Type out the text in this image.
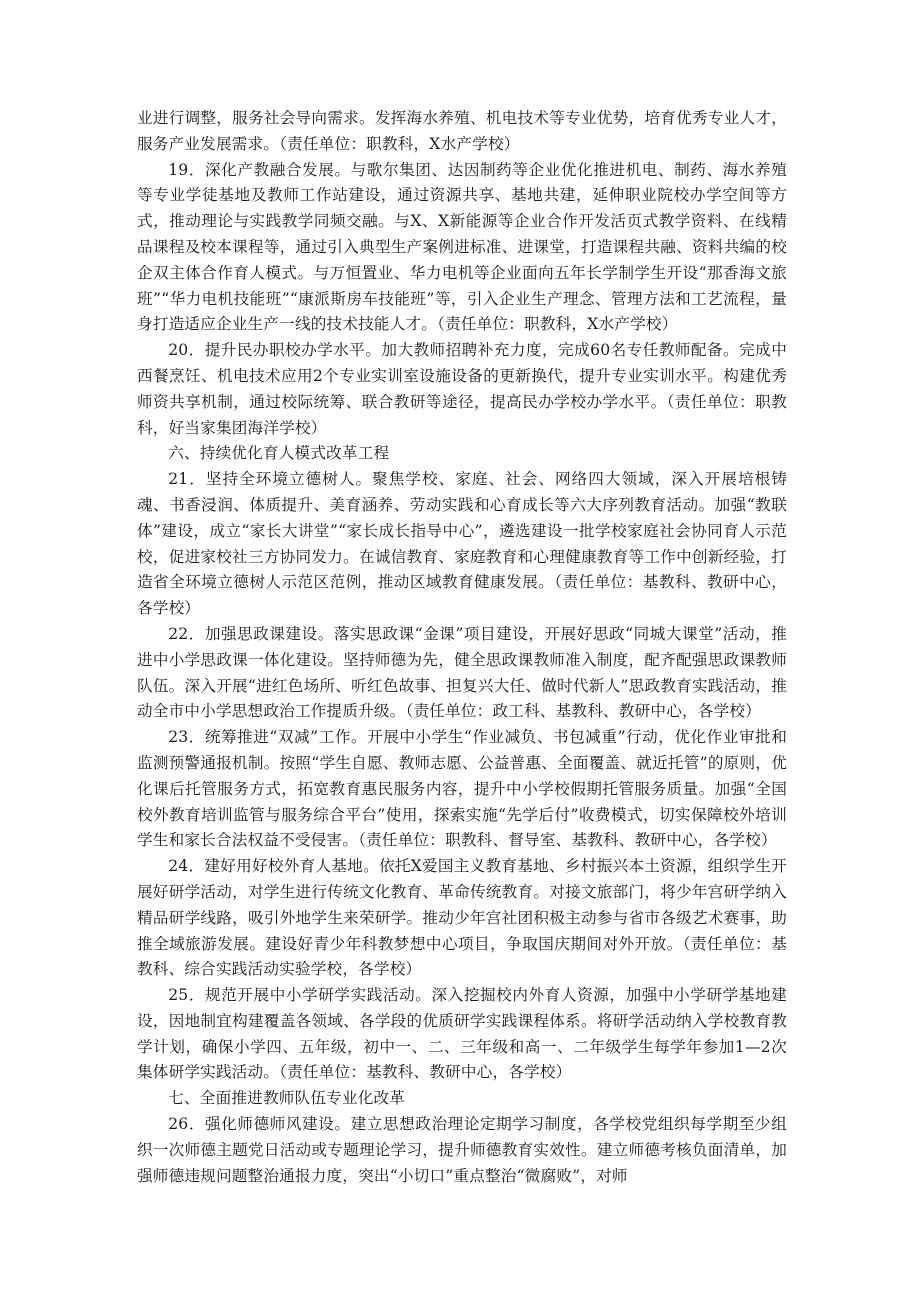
业进行调整，服务社会导向需求。发挥海水养殖、机电技术等专业优势，培育优秀专业人才，服务产业发展需求。（责任单位：职教科，X水产学校）

19．深化产教融合发展。与歌尔集团、达因制药等企业优化推进机电、制药、海水养殖等专业学徒基地及教师工作站建设，通过资源共享、基地共建，延伸职业院校办学空间等方式，推动理论与实践教学同频交融。与X、X新能源等企业合作开发活页式教学资料、在线精品课程及校本课程等，通过引入典型生产案例进标准、进课堂，打造课程共融、资料共编的校企双主体合作育人模式。与万恒置业、华力电机等企业面向五年长学制学生开设“那香海文旅班”“华力电机技能班”“康派斯房车技能班”等，引入企业生产理念、管理方法和工艺流程，量身打造适应企业生产一线的技术技能人才。（责任单位：职教科，X水产学校）

20．提升民办职校办学水平。加大教师招聘补充力度，完成60名专任教师配备。完成中西餐烹饪、机电技术应用2个专业实训室设施设备的更新换代，提升专业实训水平。构建优秀师资共享机制，通过校际统筹、联合教研等途径，提高民办学校办学水平。（责任单位：职教科，好当家集团海洋学校）

六、持续优化育人模式改革工程

21．坚持全环境立德树人。聚焦学校、家庭、社会、网络四大领域，深入开展培根铸魂、书香浸润、体质提升、美育涵养、劳动实践和心育成长等六大序列教育活动。加强“教联体”建设，成立“家长大讲堂”“家长成长指导中心”，遴选建设一批学校家庭社会协同育人示范校，促进家校社三方协同发力。在诚信教育、家庭教育和心理健康教育等工作中创新经验，打造省全环境立德树人示范区范例，推动区域教育健康发展。（责任单位：基教科、教研中心，各学校）

22．加强思政课建设。落实思政课“金课”项目建设，开展好思政“同城大课堂”活动，推进中小学思政课一体化建设。坚持师德为先，健全思政课教师准入制度，配齐配强思政课教师队伍。深入开展“进红色场所、听红色故事、担复兴大任、做时代新人”思政教育实践活动，推动全市中小学思想政治工作提质升级。（责任单位：政工科、基教科、教研中心，各学校）

23．统筹推进“双减”工作。开展中小学生“作业减负、书包减重”行动，优化作业审批和监测预警通报机制。按照“学生自愿、教师志愿、公益普惠、全面覆盖、就近托管”的原则，优化课后托管服务方式，拓宽教育惠民服务内容，提升中小学校假期托管服务质量。加强“全国校外教育培训监管与服务综合平台”使用，探索实施“先学后付”收费模式，切实保障校外培训学生和家长合法权益不受侵害。（责任单位：职教科、督导室、基教科、教研中心，各学校）

24．建好用好校外育人基地。依托X爱国主义教育基地、乡村振兴本土资源，组织学生开展好研学活动，对学生进行传统文化教育、革命传统教育。对接文旅部门，将少年宫研学纳入精品研学线路，吸引外地学生来荣研学。推动少年宫社团积极主动参与省市各级艺术赛事，助推全域旅游发展。建设好青少年科教梦想中心项目，争取国庆期间对外开放。（责任单位：基教科、综合实践活动实验学校，各学校）

25．规范开展中小学研学实践活动。深入挖掘校内外育人资源，加强中小学研学基地建设，因地制宜构建覆盖各领域、各学段的优质研学实践课程体系。将研学活动纳入学校教育教学计划，确保小学四、五年级，初中一、二、三年级和高一、二年级学生每学年参加1—2次集体研学实践活动。（责任单位：基教科、教研中心，各学校）

七、全面推进教师队伍专业化改革

26．强化师德师风建设。建立思想政治理论定期学习制度，各学校党组织每学期至少组织一次师德主题党日活动或专题理论学习，提升师德教育实效性。建立师德考核负面清单，加强师德违规问题整治通报力度，突出“小切口”重点整治“微腐败”，对师
